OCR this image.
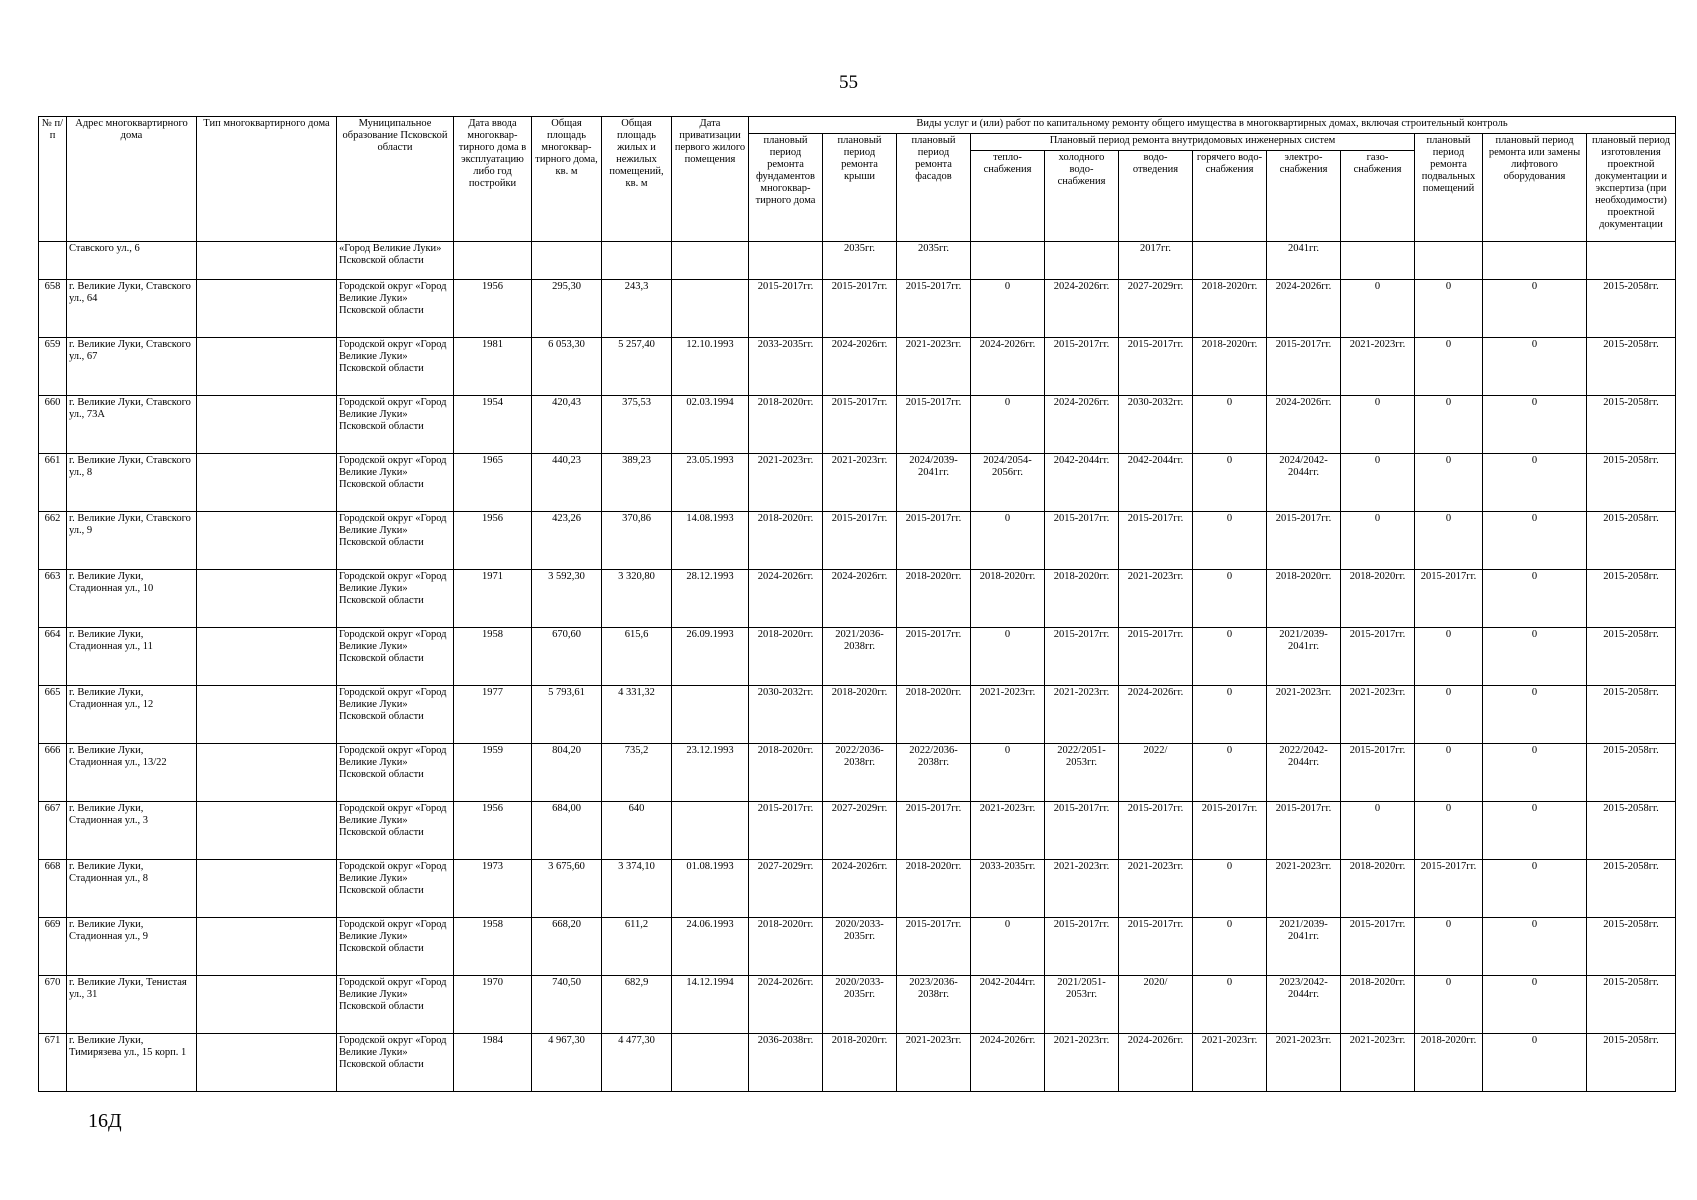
55
№ п/п	Адрес многоквартирного дома	Тип многоквартирного дома	Муниципальное образование Псковской области	Дата ввода многоквар-тирного дома в эксплуатацию либо год постройки	Общая площадь многоквар-тирного дома, кв. м	Общая площадь жилых и нежилых помещений, кв. м	Дата приватизации первого жилого помещения	Виды услуг и (или) работ по капитальному ремонту общего имущества в многоквартирных домах, включая строительный контроль											
								плановый период ремонта фундаментов многоквар-тирного дома	плановый период ремонта крыши	плановый период ремонта фасадов	Плановый период ремонта внутридомовых инженерных систем						плановый период ремонта подвальных помещений	плановый период ремонта или замены лифтового оборудования	плановый период изготовления проектной документации и экспертиза (при необходимости) проектной документации
											тепло-снабжения	холодного водо-снабжения	водо-отведения	горячего водо-снабжения	электро-снабжения	газо-снабжения			
	Ставского ул., 6		«Город Великие Луки» Псковской области						2035гг.	2035гг.			2017гг.		2041гг.				
658	г. Великие Луки, Ставского ул., 64		Городской округ «Город Великие Луки» Псковской области	1956	295,30	243,3		2015-2017гг.	2015-2017гг.	2015-2017гг.	0	2024-2026гг.	2027-2029гг.	2018-2020гг.	2024-2026гг.	0	0	0	2015-2058гг.
659	г. Великие Луки, Ставского ул., 67		Городской округ «Город Великие Луки» Псковской области	1981	6 053,30	5 257,40	12.10.1993	2033-2035гг.	2024-2026гг.	2021-2023гг.	2024-2026гг.	2015-2017гг.	2015-2017гг.	2018-2020гг.	2015-2017гг.	2021-2023гг.	0	0	2015-2058гг.
660	г. Великие Луки, Ставского ул., 73А		Городской округ «Город Великие Луки» Псковской области	1954	420,43	375,53	02.03.1994	2018-2020гг.	2015-2017гг.	2015-2017гг.	0	2024-2026гг.	2030-2032гг.	0	2024-2026гг.	0	0	0	2015-2058гг.
661	г. Великие Луки, Ставского ул., 8		Городской округ «Город Великие Луки» Псковской области	1965	440,23	389,23	23.05.1993	2021-2023гг.	2021-2023гг.	2024/2039-2041гг.	2024/2054-2056гг.	2042-2044гг.	2042-2044гг.	0	2024/2042-2044гг.	0	0	0	2015-2058гг.
662	г. Великие Луки, Ставского ул., 9		Городской округ «Город Великие Луки» Псковской области	1956	423,26	370,86	14.08.1993	2018-2020гг.	2015-2017гг.	2015-2017гг.	0	2015-2017гг.	2015-2017гг.	0	2015-2017гг.	0	0	0	2015-2058гг.
663	г. Великие Луки, Стадионная ул., 10		Городской округ «Город Великие Луки» Псковской области	1971	3 592,30	3 320,80	28.12.1993	2024-2026гг.	2024-2026гг.	2018-2020гг.	2018-2020гг.	2018-2020гг.	2021-2023гг.	0	2018-2020гг.	2018-2020гг.	2015-2017гг.	0	2015-2058гг.
664	г. Великие Луки, Стадионная ул., 11		Городской округ «Город Великие Луки» Псковской области	1958	670,60	615,6	26.09.1993	2018-2020гг.	2021/2036-2038гг.	2015-2017гг.	0	2015-2017гг.	2015-2017гг.	0	2021/2039-2041гг.	2015-2017гг.	0	0	2015-2058гг.
665	г. Великие Луки, Стадионная ул., 12		Городской округ «Город Великие Луки» Псковской области	1977	5 793,61	4 331,32		2030-2032гг.	2018-2020гг.	2018-2020гг.	2021-2023гг.	2021-2023гг.	2024-2026гг.	0	2021-2023гг.	2021-2023гг.	0	0	2015-2058гг.
666	г. Великие Луки, Стадионная ул., 13/22		Городской округ «Город Великие Луки» Псковской области	1959	804,20	735,2	23.12.1993	2018-2020гг.	2022/2036-2038гг.	2022/2036-2038гг.	0	2022/2051-2053гг.	2022/	0	2022/2042-2044гг.	2015-2017гг.	0	0	2015-2058гг.
667	г. Великие Луки, Стадионная ул., 3		Городской округ «Город Великие Луки» Псковской области	1956	684,00	640		2015-2017гг.	2027-2029гг.	2015-2017гг.	2021-2023гг.	2015-2017гг.	2015-2017гг.	2015-2017гг.	2015-2017гг.	0	0	0	2015-2058гг.
668	г. Великие Луки, Стадионная ул., 8		Городской округ «Город Великие Луки» Псковской области	1973	3 675,60	3 374,10	01.08.1993	2027-2029гг.	2024-2026гг.	2018-2020гг.	2033-2035гг.	2021-2023гг.	2021-2023гг.	0	2021-2023гг.	2018-2020гг.	2015-2017гг.	0	2015-2058гг.
669	г. Великие Луки, Стадионная ул., 9		Городской округ «Город Великие Луки» Псковской области	1958	668,20	611,2	24.06.1993	2018-2020гг.	2020/2033-2035гг.	2015-2017гг.	0	2015-2017гг.	2015-2017гг.	0	2021/2039-2041гг.	2015-2017гг.	0	0	2015-2058гг.
670	г. Великие Луки, Тенистая ул., 31		Городской округ «Город Великие Луки» Псковской области	1970	740,50	682,9	14.12.1994	2024-2026гг.	2020/2033-2035гг.	2023/2036-2038гг.	2042-2044гг.	2021/2051-2053гг.	2020/	0	2023/2042-2044гг.	2018-2020гг.	0	0	2015-2058гг.
671	г. Великие Луки, Тимирязева ул., 15 корп. 1		Городской округ «Город Великие Луки» Псковской области	1984	4 967,30	4 477,30		2036-2038гг.	2018-2020гг.	2021-2023гг.	2024-2026гг.	2021-2023гг.	2024-2026гг.	2021-2023гг.	2021-2023гг.	2021-2023гг.	2018-2020гг.	0	2015-2058гг.
16Д
